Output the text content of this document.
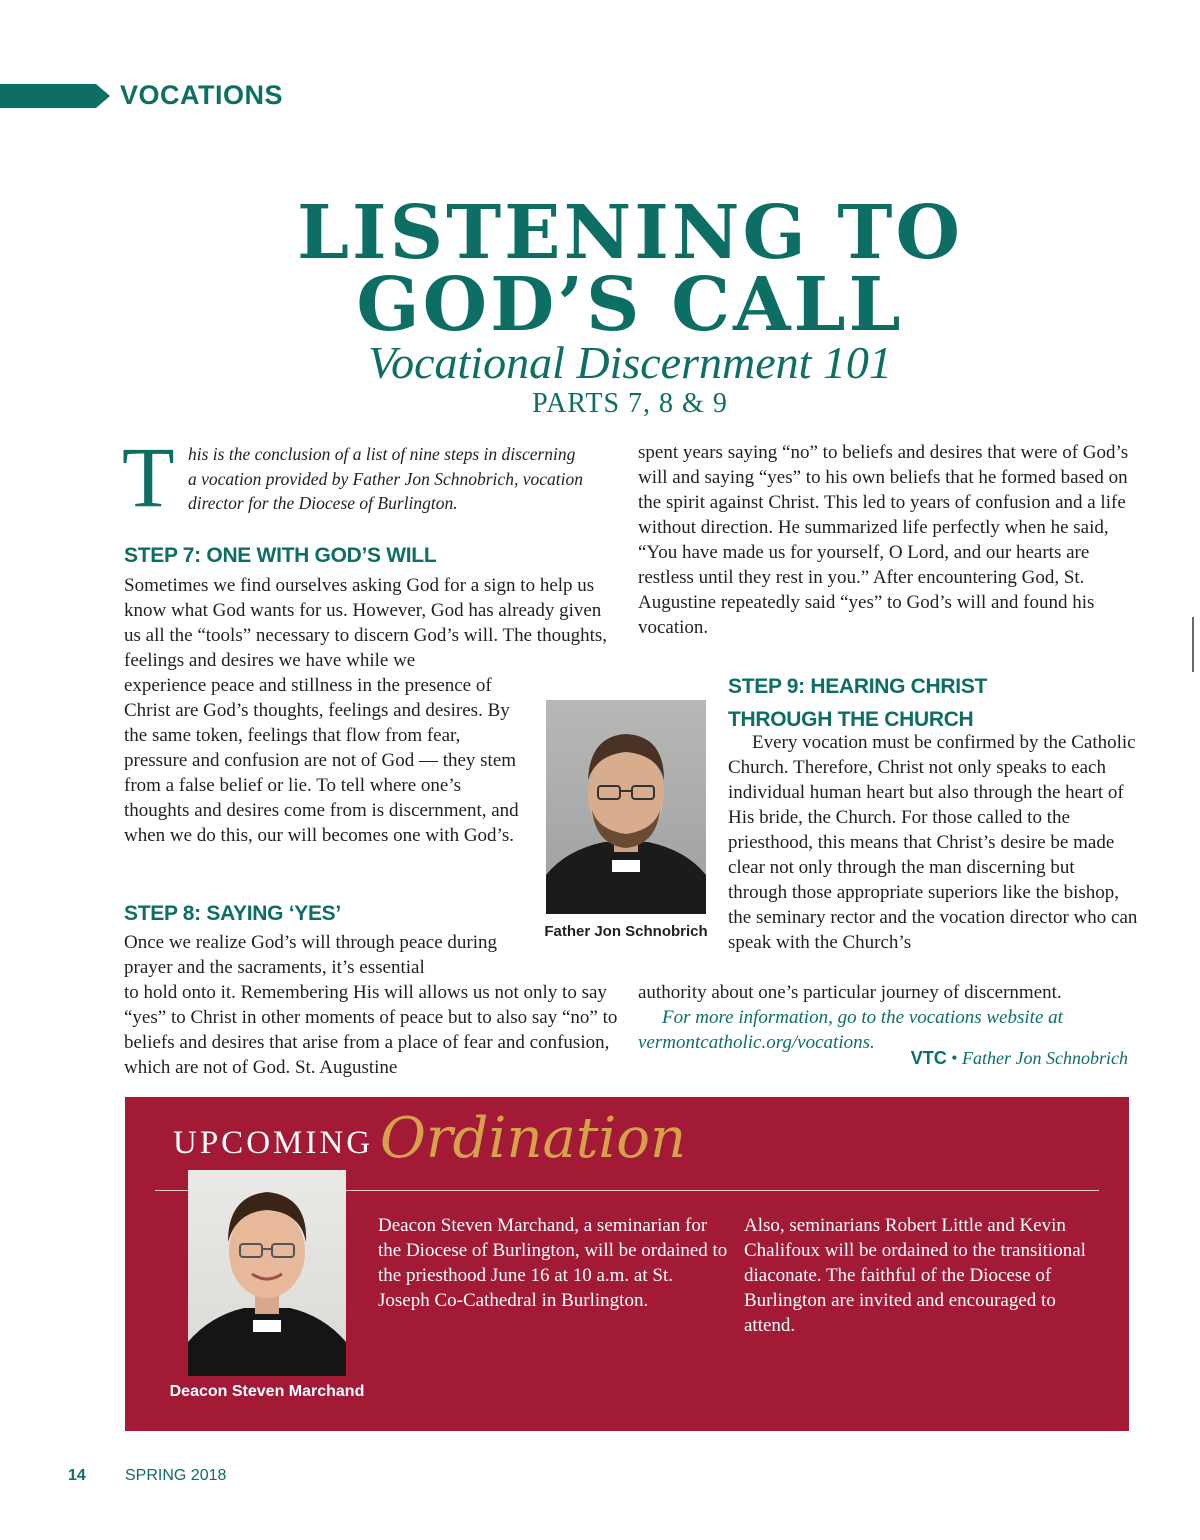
VOCATIONS
LISTENING TO
GOD’S CALL
Vocational Discernment 101
PARTS 7, 8 & 9
T his is the conclusion of a list of nine steps in discerning a vocation provided by Father Jon Schnobrich, vocation director for the Diocese of Burlington.
STEP 7: ONE WITH GOD’S WILL
Sometimes we find ourselves asking God for a sign to help us know what God wants for us. However, God has already given us all the “tools” necessary to discern God’s will. The thoughts, feelings and desires we have while we
experience peace and stillness in the presence of Christ are God’s thoughts, feelings and desires. By the same token, feelings that flow from fear, pressure and confusion are not of God — they stem from a false belief or lie. To tell where one’s thoughts and desires come from is discernment, and when we do this, our will becomes one with God’s.
Father Jon Schnobrich
STEP 8: SAYING ‘YES’
Once we realize God’s will through peace during prayer and the sacraments, it’s essential
to hold onto it. Remembering His will allows us not only to say “yes” to Christ in other moments of peace but to also say “no” to beliefs and desires that arise from a place of fear and confusion, which are not of God. St. Augustine
spent years saying “no” to beliefs and desires that were of God’s will and saying “yes” to his own beliefs that he formed based on the spirit against Christ. This led to years of confusion and a life without direction. He summarized life perfectly when he said, “You have made us for yourself, O Lord, and our hearts are restless until they rest in you.” After encountering God, St. Augustine repeatedly said “yes” to God’s will and found his vocation.
STEP 9: HEARING CHRIST
THROUGH THE CHURCH
Every vocation must be confirmed by the Catholic Church. Therefore, Christ not only speaks to each individual human heart but also through the heart of His bride, the Church. For those called to the priesthood, this means that Christ’s desire be made clear not only through the man discerning but through those appropriate superiors like the bishop, the seminary rector and the vocation director who can speak with the Church’s
authority about one’s particular journey of discernment.
For more information, go to the vocations website at vermontcatholic.org/vocations.
VTC • Father Jon Schnobrich
UPCOMING Ordination
Deacon Steven Marchand
Deacon Steven Marchand, a seminarian for the Diocese of Burlington, will be ordained to the priesthood June 16 at 10 a.m. at St. Joseph Co-Cathedral in Burlington.
Also, seminarians Robert Little and Kevin Chalifoux will be ordained to the transitional diaconate. The faithful of the Diocese of Burlington are invited and encouraged to attend.
14 SPRING 2018
